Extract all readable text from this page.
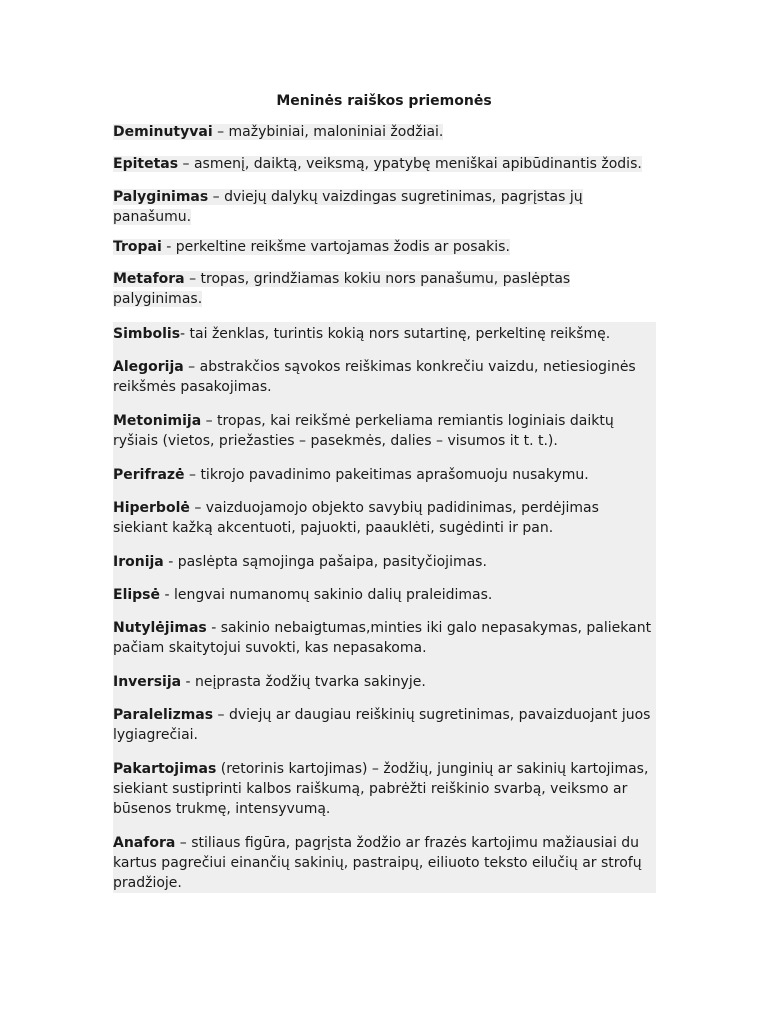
Meninės raiškos priemonės
Deminutyvai – mažybiniai, maloniniai žodžiai.
Epitetas – asmenį, daiktą, veiksmą, ypatybę meniškai apibūdinantis žodis.
Palyginimas – dviejų dalykų vaizdingas sugretinimas, pagrįstas jų panašumu.
Tropai - perkeltine reikšme vartojamas žodis ar posakis.
Metafora – tropas, grindžiamas kokiu nors panašumu, paslėptas palyginimas.
Simbolis- tai ženklas, turintis kokią nors sutartinę, perkeltinę reikšmę.
Alegorija – abstrakčios sąvokos reiškimas konkrečiu vaizdu, netiesioginės reikšmės pasakojimas.
Metonimija – tropas, kai reikšmė perkeliama remiantis loginiais daiktų ryšiais (vietos, priežasties – pasekmės, dalies – visumos it t. t.).
Perifrazė – tikrojo pavadinimo pakeitimas aprašomuoju nusakymu.
Hiperbolė – vaizduojamojo objekto savybių padidinimas, perdėjimas siekiant kažką akcentuoti, pajuokti, paauklėti, sugėdinti ir pan.
Ironija - paslėpta sąmojinga pašaipa, pasityčiojimas.
Elipsė - lengvai numanomų sakinio dalių praleidimas.
Nutylėjimas - sakinio nebaigtumas,minties iki galo nepasakymas, paliekant pačiam skaitytojui suvokti, kas nepasakoma.
Inversija - neįprasta žodžių tvarka sakinyje.
Paralelizmas – dviejų ar daugiau reiškinių sugretinimas, pavaizduojant juos lygiagrečiai.
Pakartojimas (retorinis kartojimas) – žodžių, junginių ar sakinių kartojimas, siekiant sustiprinti kalbos raiškumą, pabrėžti reiškinio svarbą, veiksmo ar būsenos trukmę, intensyvumą.
Anafora – stiliaus figūra, pagrįsta žodžio ar frazės kartojimu mažiausiai du kartus pagrečiui einančių sakinių, pastraipų, eiliuoto teksto eilučių ar strofų pradžioje.
